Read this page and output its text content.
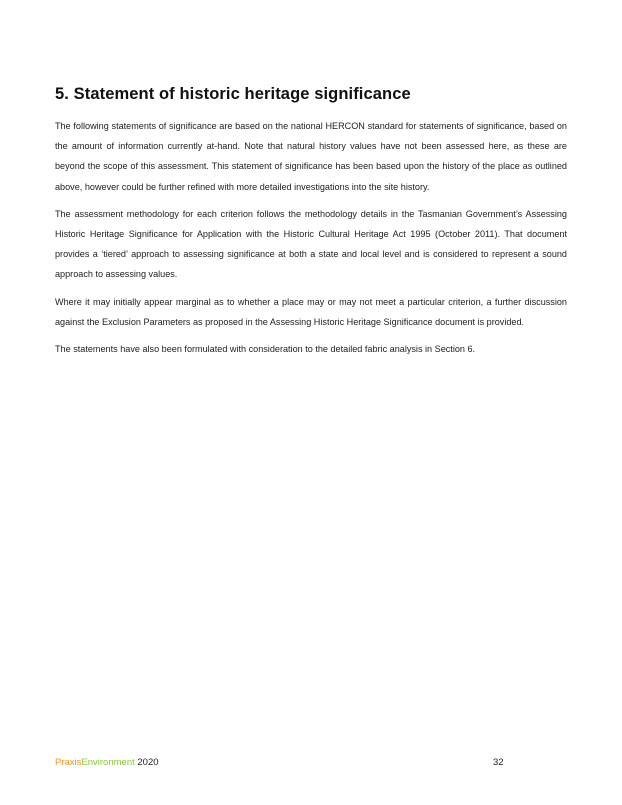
5. Statement of historic heritage significance

The following statements of significance are based on the national HERCON standard for statements of significance, based on the amount of information currently at-hand. Note that natural history values have not been assessed here, as these are beyond the scope of this assessment. This statement of significance has been based upon the history of the place as outlined above, however could be further refined with more detailed investigations into the site history.

The assessment methodology for each criterion follows the methodology details in the Tasmanian Government’s Assessing Historic Heritage Significance for Application with the Historic Cultural Heritage Act 1995 (October 2011). That document provides a ‘tiered’ approach to assessing significance at both a state and local level and is considered to represent a sound approach to assessing values.

Where it may initially appear marginal as to whether a place may or may not meet a particular criterion, a further discussion against the Exclusion Parameters as proposed in the Assessing Historic Heritage Significance document is provided.

The statements have also been formulated with consideration to the detailed fabric analysis in Section 6.

PraxisEnvironment 2020	32
